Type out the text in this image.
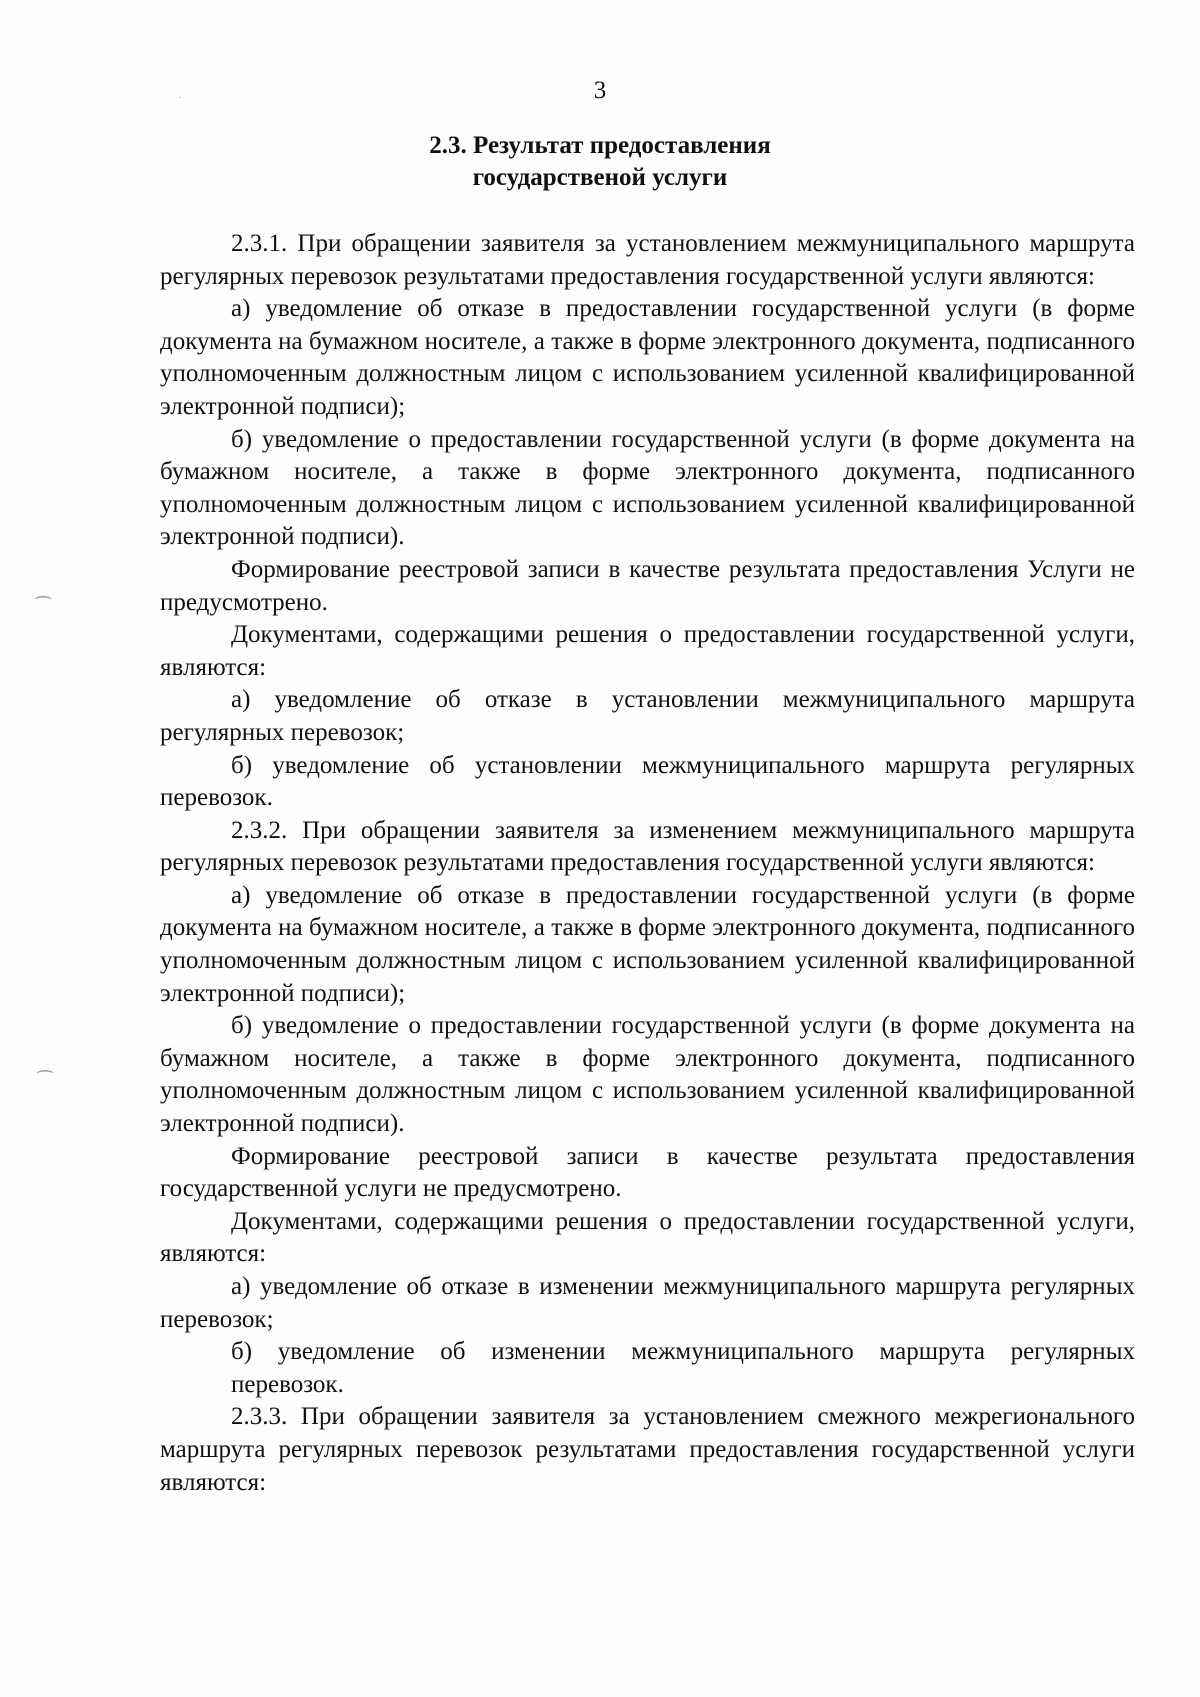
3
2.3. Результат предоставления
государственой услуги

2.3.1. При обращении заявителя за установлением межмуниципального маршрута регулярных перевозок результатами предоставления государственной услуги являются:

а) уведомление об отказе в предоставлении государственной услуги (в форме документа на бумажном носителе, а также в форме электронного документа, подписанного уполномоченным должностным лицом с использованием усиленной квалифицированной электронной подписи);

б) уведомление о предоставлении государственной услуги (в форме документа на бумажном носителе, а также в форме электронного документа, подписанного уполномоченным должностным лицом с использованием усиленной квалифицированной электронной подписи).

Формирование реестровой записи в качестве результата предоставления Услуги не предусмотрено.

Документами, содержащими решения о предоставлении государственной услуги, являются:

а) уведомление об отказе в установлении межмуниципального маршрута регулярных перевозок;

б) уведомление об установлении межмуниципального маршрута регулярных перевозок.

2.3.2. При обращении заявителя за изменением межмуниципального маршрута регулярных перевозок результатами предоставления государственной услуги являются:

а) уведомление об отказе в предоставлении государственной услуги (в форме документа на бумажном носителе, а также в форме электронного документа, подписанного уполномоченным должностным лицом с использованием усиленной квалифицированной электронной подписи);

б) уведомление о предоставлении государственной услуги (в форме документа на бумажном носителе, а также в форме электронного документа, подписанного уполномоченным должностным лицом с использованием усиленной квалифицированной электронной подписи).

Формирование реестровой записи в качестве результата предоставления государственной услуги не предусмотрено.

Документами, содержащими решения о предоставлении государственной услуги, являются:

а) уведомление об отказе в изменении межмуниципального маршрута регулярных перевозок;

б) уведомление об изменении межмуниципального маршрута регулярных перевозок.

2.3.3. При обращении заявителя за установлением смежного межрегионального маршрута регулярных перевозок результатами предоставления государственной услуги являются:

⁀
⁀
·
